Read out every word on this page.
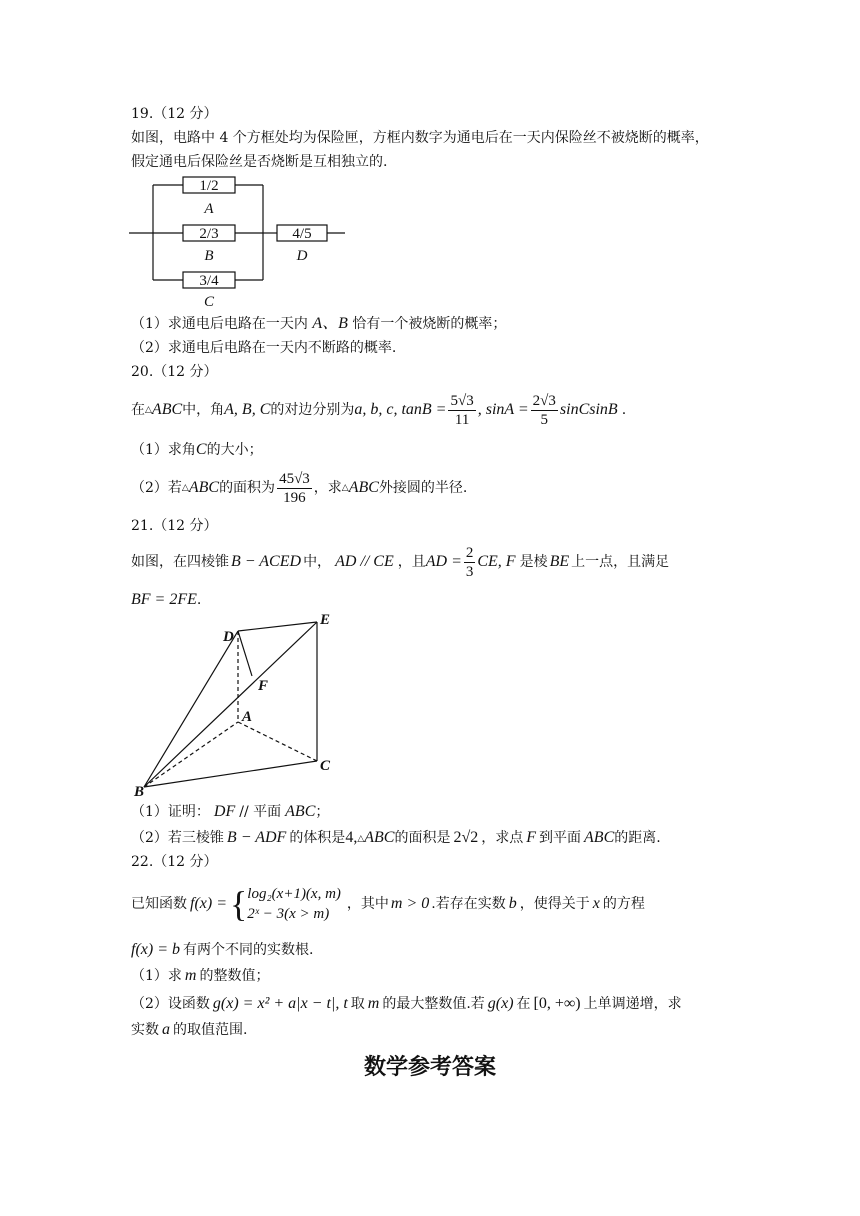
19.（12 分）
如图，电路中 4 个方框处均为保险匣，方框内数字为通电后在一天内保险丝不被烧断的概率，
假定通电后保险丝是否烧断是互相独立的.
1/2
2/3
3/4
4/5
A
B
C
D
（1）求通电后电路在一天内 A、B 恰有一个被烧断的概率；
（2）求通电后电路在一天内不断路的概率.
20.（12 分）
在 △ ABC 中，角 A, B, C 的对边分别为 a, b, c, $\tan B = \frac{5√3}{11}$ , $\sin A = \frac{2√3}{5}$ sinCsinB .
（1）求角C的大小；
（2）若 △ ABC 的面积为 $\frac{45√3}{196}$ ，求 △ ABC 外接圆的半径.
21.（12 分）
如图，在四棱锥 B − ACED 中， AD // CE ，且 AD = $\frac{2}{3}$ CE, F 是棱 BE 上一点，且满足
BF = 2FE.
D
E
F
A
B
C
（1）证明： DF // 平面 ABC；
（2）若三棱锥 B − ADF 的体积是4,△ABC的面积是 2√2 ，求点 F 到平面 ABC的距离.
22.（12 分）
已知函数 f(x) = { log₂(x+1)(x, m)
2ˣ − 3(x > m)
，其中 m > 0 .若存在实数 b ，使得关于 x 的方程
f(x) = b 有两个不同的实数根.
（1）求 m 的整数值；
（2）设函数 g(x) = x² + a|x − t|, t 取 m 的最大整数值.若 g(x) 在 [0, +∞) 上单调递增，求
实数 a 的取值范围.
数学参考答案
